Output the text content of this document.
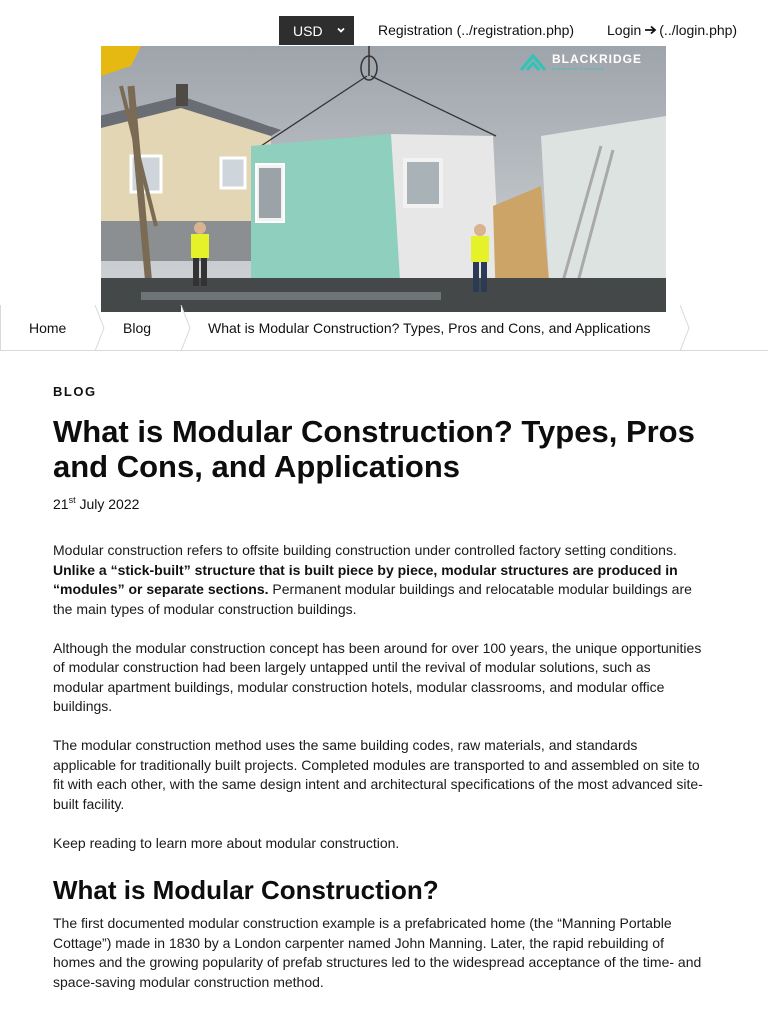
USD	Registration (../registration.php) Login (../login.php)
BLACKRIDGE
Research & Consulting
Home	Blog	What is Modular Construction? Types, Pros and Cons, and Applications
BLOG
What is Modular Construction? Types, Pros and Cons, and Applications
21st July 2022

Modular construction refers to offsite building construction under controlled factory setting conditions. Unlike a “stick-built” structure that is built piece by piece, modular structures are produced in “modules” or separate sections. Permanent modular buildings and relocatable modular buildings are the main types of modular construction buildings.

Although the modular construction concept has been around for over 100 years, the unique opportunities of modular construction had been largely untapped until the revival of modular solutions, such as modular apartment buildings, modular construction hotels, modular classrooms, and modular office buildings.

The modular construction method uses the same building codes, raw materials, and standards applicable for traditionally built projects. Completed modules are transported to and assembled on site to fit with each other, with the same design intent and architectural specifications of the most advanced site-built facility.

Keep reading to learn more about modular construction.

What is Modular Construction?

The first documented modular construction example is a prefabricated home (the “Manning Portable Cottage”) made in 1830 by a London carpenter named John Manning. Later, the rapid rebuilding of homes and the growing popularity of prefab structures led to the widespread acceptance of the time- and space-saving modular construction method.
